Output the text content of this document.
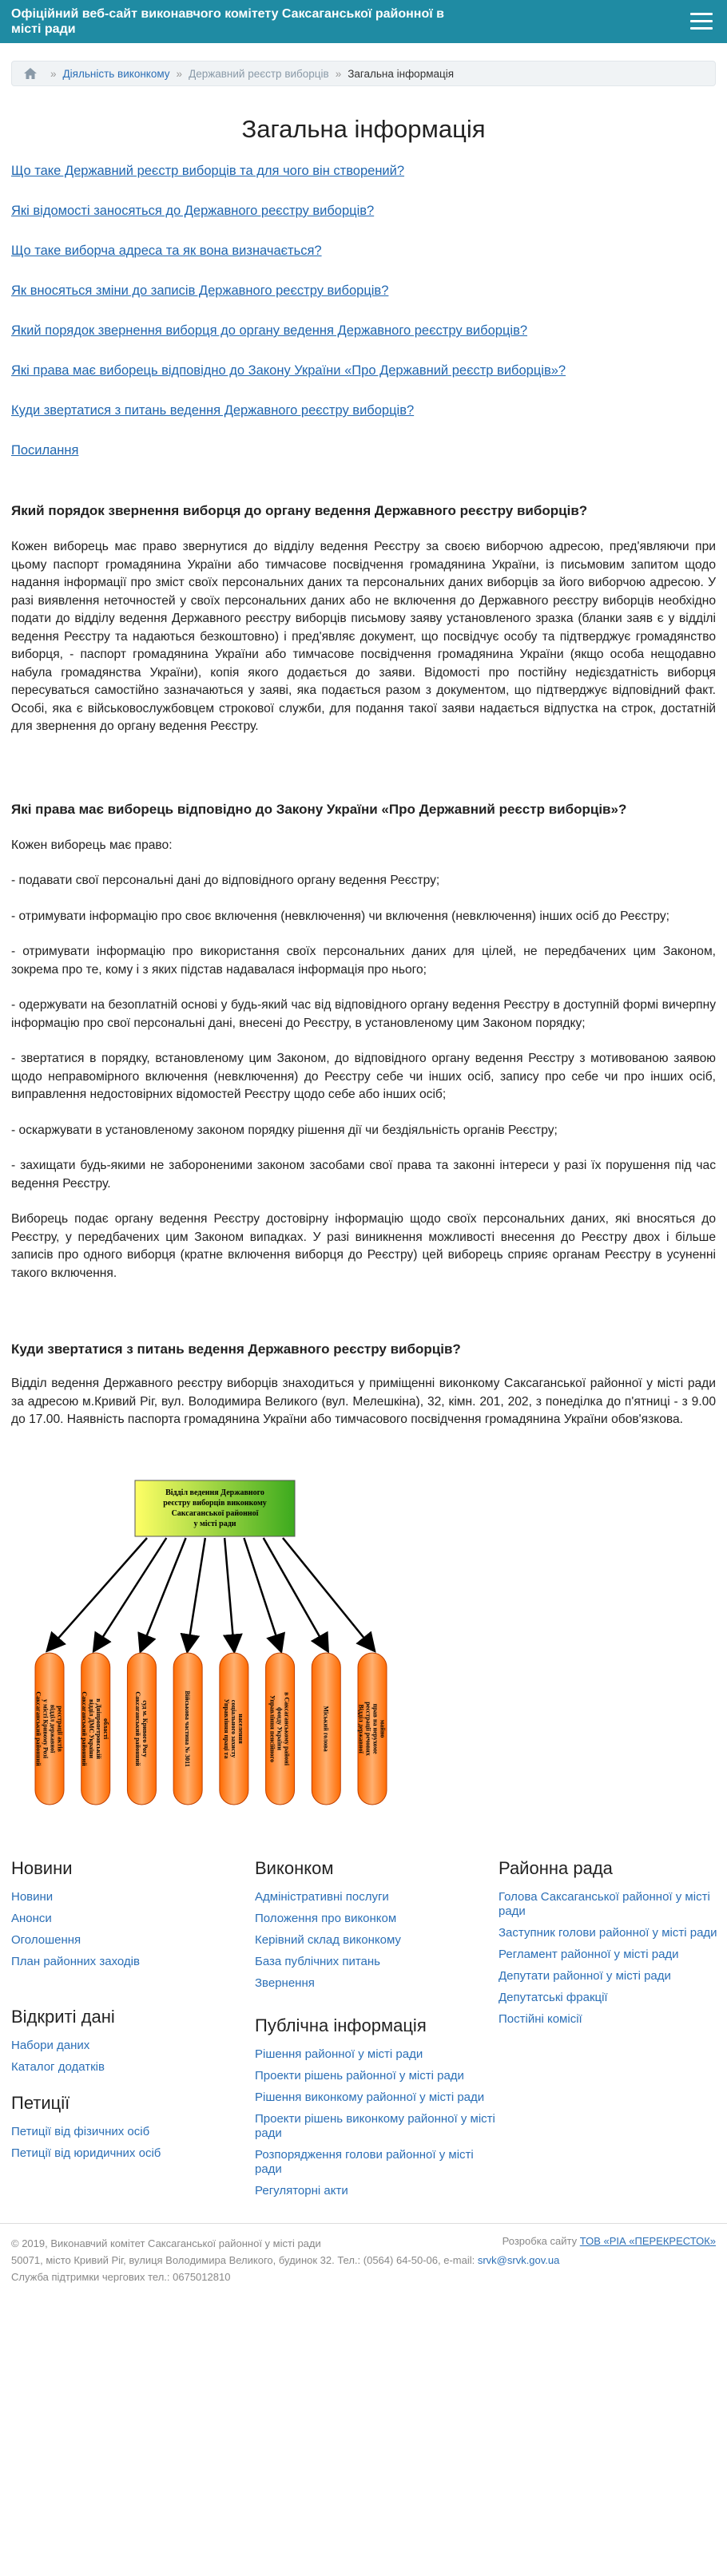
Офіційний веб-сайт виконавчого комітету Саксаганської районної в місті ради
» Діяльність виконкому » Державний реєстр виборців » Загальна інформація
Загальна інформація
Що таке Державний реєстр виборців та для чого він створений?
Які відомості заносяться до Державного реєстру виборців?
Що таке виборча адреса та як вона визначається?
Як вносяться зміни до записів Державного реєстру виборців?
Який порядок звернення виборця до органу ведення Державного реєстру виборців?
Які права має виборець відповідно до Закону України «Про Державний реєстр виборців»?
Куди звертатися з питань ведення Державного реєстру виборців?
Посилання
Який порядок звернення виборця до органу ведення Державного реєстру виборців?

Кожен виборець має право звернутися до відділу ведення Реєстру за своєю виборчою адресою, пред'являючи при цьому паспорт громадянина України або тимчасове посвідчення громадянина України, із письмовим запитом щодо надання інформації про зміст своїх персональних даних та персональних даних виборців за його виборчою адресою. У разі виявлення неточностей у своїх персональних даних або не включення до Державного реєстру виборців необхідно подати до відділу ведення Державного реєстру виборців письмову заяву установленого зразка (бланки заяв є у відділі ведення Реєстру та надаються безкоштовно) і пред'являє документ, що посвідчує особу та підтверджує громадянство виборця, - паспорт громадянина України або тимчасове посвідчення громадянина України (якщо особа нещодавно набула громадянства України), копія якого додається до заяви. Відомості про постійну недієздатність виборця пересуваться самостійно зазначаються у заяві, яка подається разом з документом, що підтверджує відповідний факт. Особі, яка є військовослужбовцем строкової служби, для подання такої заяви надається відпустка на строк, достатній для звернення до органу ведення Реєстру.

Які права має виборець відповідно до Закону України «Про Державний реєстр виборців»?

Кожен виборець має право:

- подавати свої персональні дані до відповідного органу ведення Реєстру;

- отримувати інформацію про своє включення (невключення) чи включення (невключення) інших осіб до Реєстру;

- отримувати інформацію про використання своїх персональних даних для цілей, не передбачених цим Законом, зокрема про те, кому і з яких підстав надавалася інформація про нього;

- одержувати на безоплатній основі у будь-який час від відповідного органу ведення Реєстру в доступній формі вичерпну інформацію про свої персональні дані, внесені до Реєстру, в установленому цим Законом порядку;

- звертатися в порядку, встановленому цим Законом, до відповідного органу ведення Реєстру з мотивованою заявою щодо неправомірного включення (невключення) до Реєстру себе чи інших осіб, запису про себе чи про інших осіб, виправлення недостовірних відомостей Реєстру щодо себе або інших осіб;

- оскаржувати в установленому законом порядку рішення дії чи бездіяльність органів Реєстру;

- захищати будь-якими не забороненими законом засобами свої права та законні інтереси у разі їх порушення під час ведення Реєстру.

Виборець подає органу ведення Реєстру достовірну інформацію щодо своїх персональних даних, які вносяться до Реєстру, у передбачених цим Законом випадках. У разі виникнення можливості внесення до Реєстру двох і більше записів про одного виборця (кратне включення виборця до Реєстру) цей виборець сприяє органам Реєстру в усуненні такого включення.

Куди звертатися з питань ведення Державного реєстру виборців?

Відділ ведення Державного реєстру виборців знаходиться у приміщенні виконкому Саксаганської районної у місті ради за адресою м.Кривий Ріг, вул. Володимира Великого (вул. Мелешкіна), 32, кімн. 201, 202, з понеділка до п'ятниці - з 9.00 до 17.00. Наявність паспорта громадянина України або тимчасового посвідчення громадянина України обов'язкова.

Відділ ведення Державного реєстру виборців виконкому Саксаганської районної у місті ради
Саксаганський районнийу місті Кривому Розівідділ державноїреєстрації актів	Саксаганський районнийвідділ ДМС Українив Дніпропетровськійобласті	Саксаганський районнийсуд м. Кривого Рогу	Військова частина № 3011	Управління праці тасоціального захистунаселення	Управління пенсійногофонду Українив Саксаганському районі	Міський голова	Відділ державноїреєстрації речовихправ на нерухомемайно
Новини
Новини
Анонси
Оголошення
План районних заходів
Відкриті дані
Набори даних
Каталог додатків
Петиції
Петиції від фізичних осіб
Петиції від юридичних осіб
Виконком
Адміністративні послуги
Положення про виконком
Керівний склад виконкому
База публічних питань
Звернення
Публічна інформація
Рішення районної у місті ради
Проекти рішень районної у місті ради
Рішення виконкому районної у місті ради
Проекти рішень виконкому районної у місті ради
Розпорядження голови районної у місті ради
Регуляторні акти
Районна рада
Голова Саксаганської районної у місті ради
Заступник голови районної у місті ради
Регламент районної у місті ради
Депутати районної у місті ради
Депутатські фракції
Постійні комісії
© 2019, Виконавчий комітет Саксаганської районної у місті ради
50071, місто Кривий Ріг, вулиця Володимира Великого, будинок 32. Тел.: (0564) 64-50-06, e-mail: srvk@srvk.gov.ua
Служба підтримки чергових тел.: 0675012810
Розробка сайту ТОВ «РІА «ПЕРЕКРЕСТОК»
